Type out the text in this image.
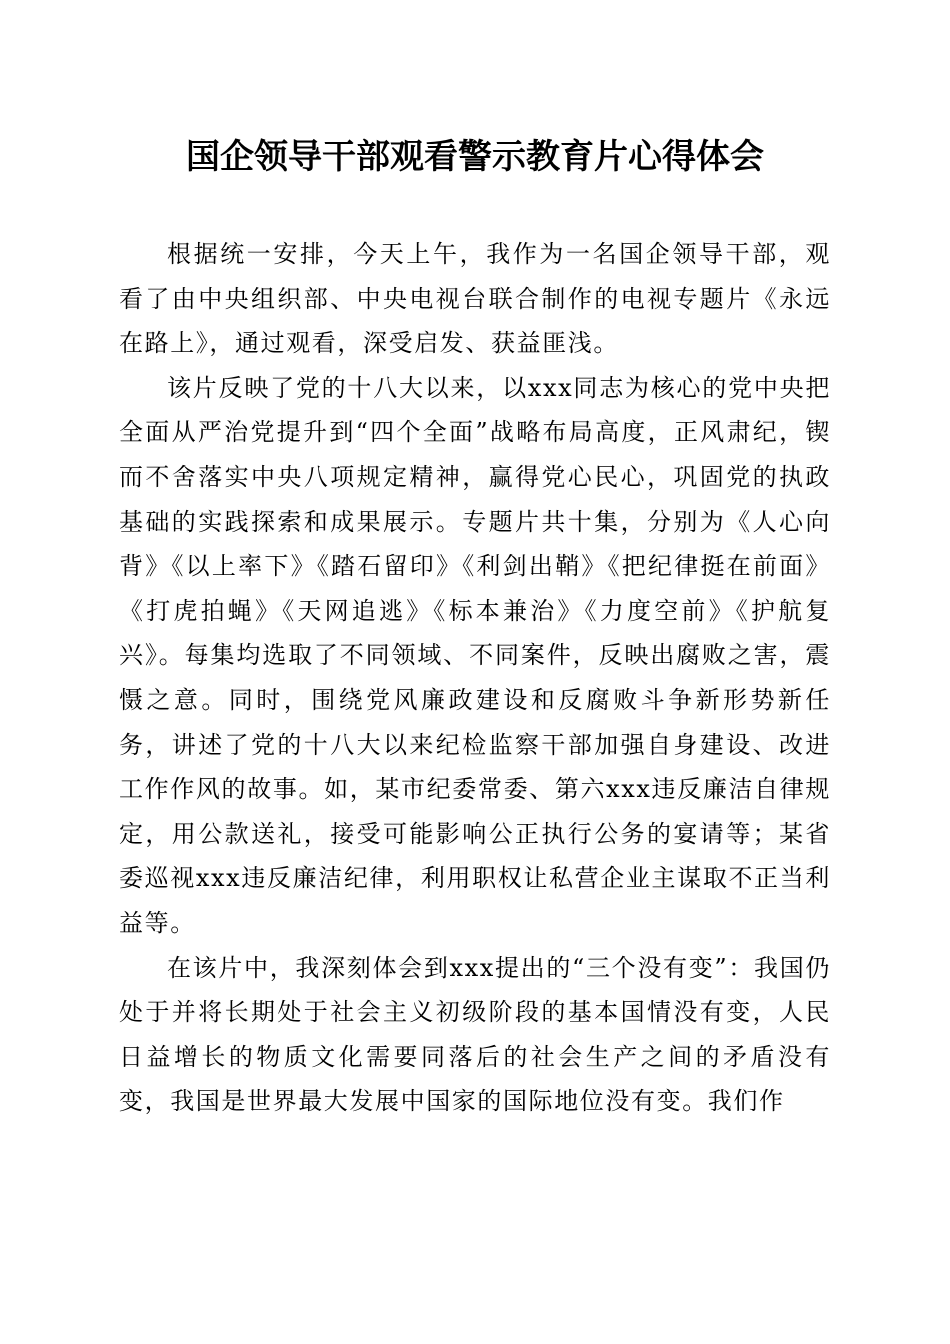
国企领导干部观看警示教育片心得体会

根据统一安排，今天上午，我作为一名国企领导干部，观看了由中央组织部、中央电视台联合制作的电视专题片《永远在路上》，通过观看，深受启发、获益匪浅。

该片反映了党的十八大以来，以xxx同志为核心的党中央把全面从严治党提升到“四个全面”战略布局高度，正风肃纪，锲而不舍落实中央八项规定精神，赢得党心民心，巩固党的执政基础的实践探索和成果展示。专题片共十集，分别为《人心向背》《以上率下》《踏石留印》《利剑出鞘》《把纪律挺在前面》《打虎拍蝇》《天网追逃》《标本兼治》《力度空前》《护航复兴》。每集均选取了不同领域、不同案件，反映出腐败之害，震慑之意。同时，围绕党风廉政建设和反腐败斗争新形势新任务，讲述了党的十八大以来纪检监察干部加强自身建设、改进工作作风的故事。如，某市纪委常委、第六xxx违反廉洁自律规定，用公款送礼，接受可能影响公正执行公务的宴请等；某省委巡视xxx违反廉洁纪律，利用职权让私营企业主谋取不正当利益等。

在该片中，我深刻体会到xxx提出的“三个没有变”：我国仍处于并将长期处于社会主义初级阶段的基本国情没有变，人民日益增长的物质文化需要同落后的社会生产之间的矛盾没有变，我国是世界最大发展中国家的国际地位没有变。我们作
